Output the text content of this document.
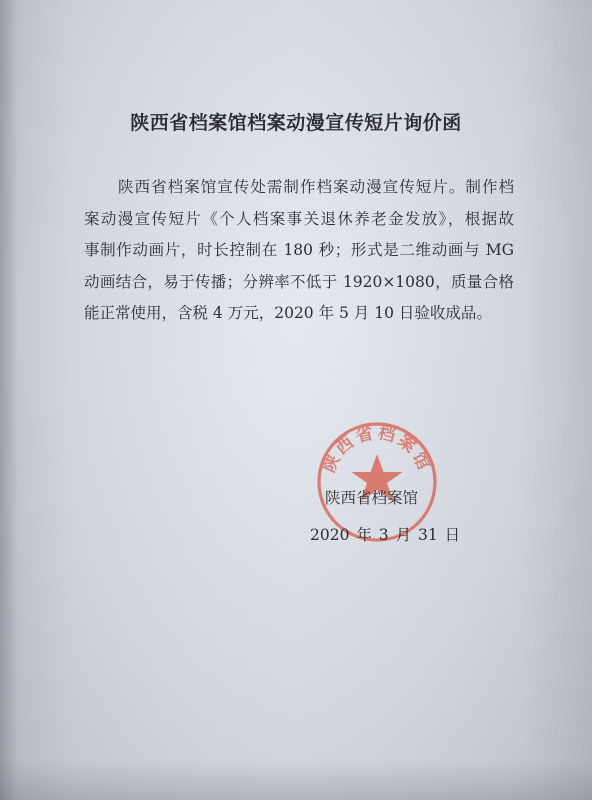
陕西省档案馆档案动漫宣传短片询价函

陕西省档案馆宣传处需制作档案动漫宣传短片。制作档
案动漫宣传短片《个人档案事关退休养老金发放》，根据故
事制作动画片，时长控制在 180 秒；形式是二维动画与 MG
动画结合，易于传播；分辨率不低于 1920×1080，质量合格
能正常使用，含税 4 万元，2020 年 5 月 10 日验收成品。

陕西省档案馆
陕西省档案馆
2020 年 3 月 31 日
